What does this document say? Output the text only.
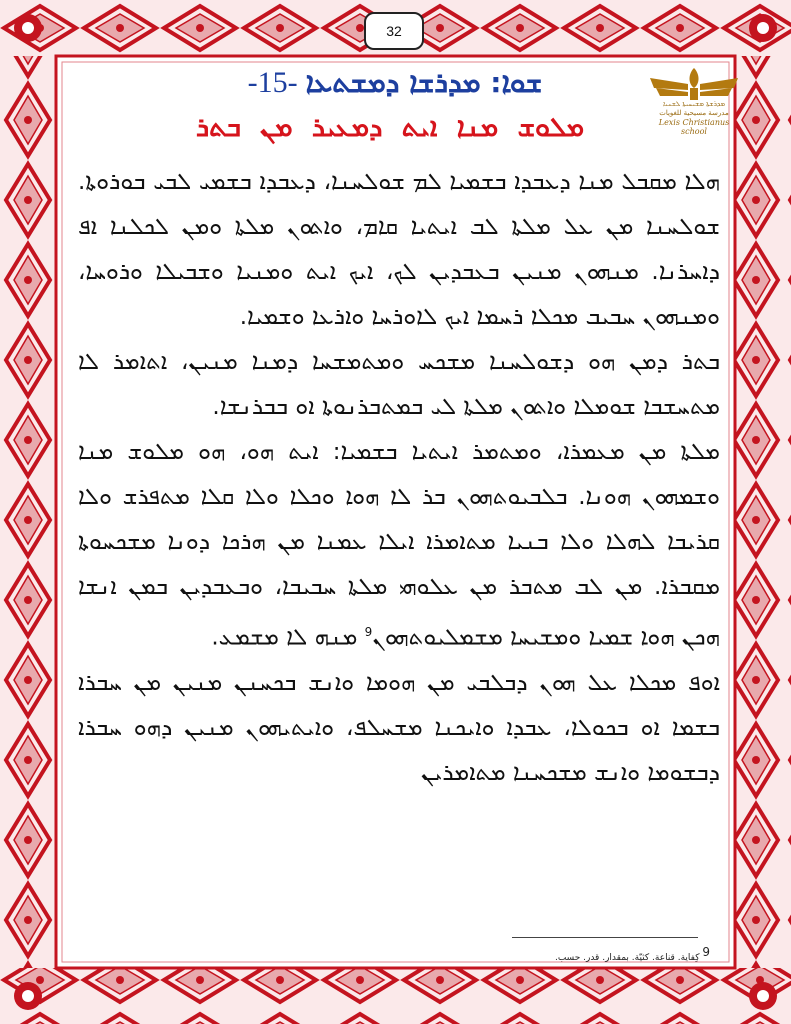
32
ܡܕܪܫܬܐ ܡܫܝܚܝܬܐ ܠܫܢܝܐ
مدرسة مسيحية للغويات
Lexis Christianus school
ܫܘܐ: ܡܕܪܫܐ ܕܡܫܬܥܐ
-15-
ܡܠܘܫ ܡܢܐ ܐܝܬ ܕܡܥܝܪ ܡܢ ܒܬܪ

ܗܠܐ ܡܩܒܠ ܡܢܐ ܕܥܒܕܐ ܒܫܡܝܐ ܠܡ ܫܘܠܚܢܐ، ܕܥܒܕܐ ܒܫܡܝ ܠܒܝ ܒܘܪܘܬܐ. ܫܘܠܚܢܐ ܡܢ ܥܠ ܡܠܬܐ ܠܒ ܐܝܬܝܐ ܩܐܡ، ܘܐܬܘܢ ܡܠܬܐ ܘܡܢ ܠܟܠܢܐ ܐܦ ܕܐܚܪܢܐ. ܡܢܗܘܢ ܡܢܝܢ ܒܥܒܕܝܢ ܠܟ، ܐܝܟ ܐܝܬ ܘܡܢܝܐ ܘܫܒܝܠܐ ܘܪܘܚܐ، ܘܡܢܗܘܢ ܚܒܝܒ ܡܟܠܐ ܪܚܡܐ ܐܝܟ ܠܐܘܪܚܐ ܘܐܪܥܐ ܘܫܡܝܐ.

ܒܬܪ ܕܡܢ ܗܘ ܕܫܘܠܚܢܐ ܡܫܟܚ ܘܡܬܡܫܚܐ ܕܡܢܐ ܡܢܝܢ، ܐܬܐܡܪ ܠܐ ܡܬܚܫܒܐ ܫܘܡܠܐ ܘܐܬܘܢ ܡܠܬܐ ܠܝ ܒܡܬܒܪܢܘܬܐ ܐܘ ܒܒܪܢܫܐ.

ܡܠܬܐ ܡܢ ܡܥܡܪܐ، ܘܡܬܡܪ ܐܝܬܝܐ ܒܫܡܝܐ: ܐܝܬ ܗܘ، ܗܘ ܡܠܘܫ ܡܢܐ ܘܫܡܗܘܢ ܗܘܢܐ. ܒܠܒܝܘܬܗܘܢ ܒܪ ܠܐ ܗܘܐ ܘܟܠܐ ܘܠܐ ܩܠܐ ܡܬܦܪܫ ܘܠܐ ܩܪܝܒܐ ܠܗܠܐ ܘܠܐ ܒܢܝܐ ܡܬܐܡܪܐ ܐܝܠܐ ܥܡܢܐ ܡܢ ܗܪܟܐ ܕܘܢܐ ܡܫܟܚܘܬܐ ܡܩܒܪܐ. ܡܢ ܠܒ ܡܬܒܪ ܡܢ ܥܠܘܗܝ ܡܠܬܐ ܚܒܝܒܐ، ܘܒܥܒܕܝܢ ܒܡܢ ܐܢܫܐ ܗܟܢ ܗܘܐ ܫܡܝܐ ܘܡܫܝܚܐ ܡܫܡܠܝܘܬܗܘܢ$^9$ ܡܢܗ ܠܐ ܡܫܡܥ.

ܐܘܦ ܡܟܠܐ ܥܠ ܗܘܢ ܕܒܠܒܝ ܡܢ ܗܘܡܐ ܘܐܢܫ ܒܟܚܢܢ ܡܢܝܢ ܡܢ ܚܒܪܐ ܒܫܡܐ ܐܘ ܒܟܘܠܐ، ܥܒܕܐ ܘܐܝܟܢܐ ܡܫܚܠܦ، ܘܐܝܬܝܗܘܢ ܡܢܝܢ ܕܗܘ ܚܒܪܐ ܕܒܫܘܡܐ ܘܐܢܫ ܡܫܟܚܢܐ ܡܬܐܡܪܝܢ

$^9$ كِفاية. قناعة. كثيّة. بمقدار. قدر. حسب.
